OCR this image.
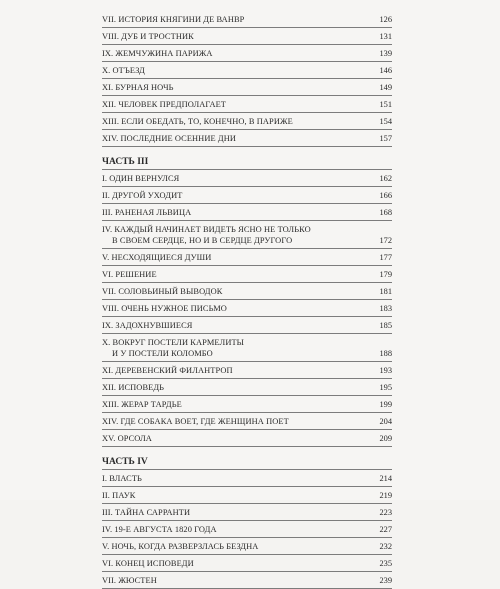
VII. ИСТОРИЯ КНЯГИНИ ДЕ ВАНВР	126
VIII. ДУБ И ТРОСТНИК	131
IX. ЖЕМЧУЖИНА ПАРИЖА	139
X. ОТЪЕЗД	146
XI. БУРНАЯ НОЧЬ	149
XII. ЧЕЛОВЕК ПРЕДПОЛАГАЕТ	151
XIII. ЕСЛИ ОБЕДАТЬ, ТО, КОНЕЧНО, В ПАРИЖЕ	154
XIV. ПОСЛЕДНИЕ ОСЕННИЕ ДНИ	157
ЧАСТЬ III
I. ОДИН ВЕРНУЛСЯ	162
II. ДРУГОЙ УХОДИТ	166
III. РАНЕНАЯ ЛЬВИЦА	168
IV. КАЖДЫЙ НАЧИНАЕТ ВИДЕТЬ ЯСНО НЕ ТОЛЬКО
В СВОЕМ СЕРДЦЕ, НО И В СЕРДЦЕ ДРУГОГО	172
V. НЕСХОДЯЩИЕСЯ ДУШИ	177
VI. РЕШЕНИЕ	179
VII. СОЛОВЬИНЫЙ ВЫВОДОК	181
VIII. ОЧЕНЬ НУЖНОЕ ПИСЬМО	183
IX. ЗАДОХНУВШИЕСЯ	185
X. ВОКРУГ ПОСТЕЛИ КАРМЕЛИТЫ
И У ПОСТЕЛИ КОЛОМБО	188
XI. ДЕРЕВЕНСКИЙ ФИЛАНТРОП	193
XII. ИСПОВЕДЬ	195
XIII. ЖЕРАР ТАРДЬЕ	199
XIV. ГДЕ СОБАКА ВОЕТ, ГДЕ ЖЕНЩИНА ПОЕТ	204
XV. ОРСОЛА	209
ЧАСТЬ IV
I. ВЛАСТЬ	214
II. ПАУК	219
III. ТАЙНА САРРАНТИ	223
IV. 19-Е АВГУСТА 1820 ГОДА	227
V. НОЧЬ, КОГДА РАЗВЕРЗЛАСЬ БЕЗДНА	232
VI. КОНЕЦ ИСПОВЕДИ	235
VII. ЖЮСТЕН	239
